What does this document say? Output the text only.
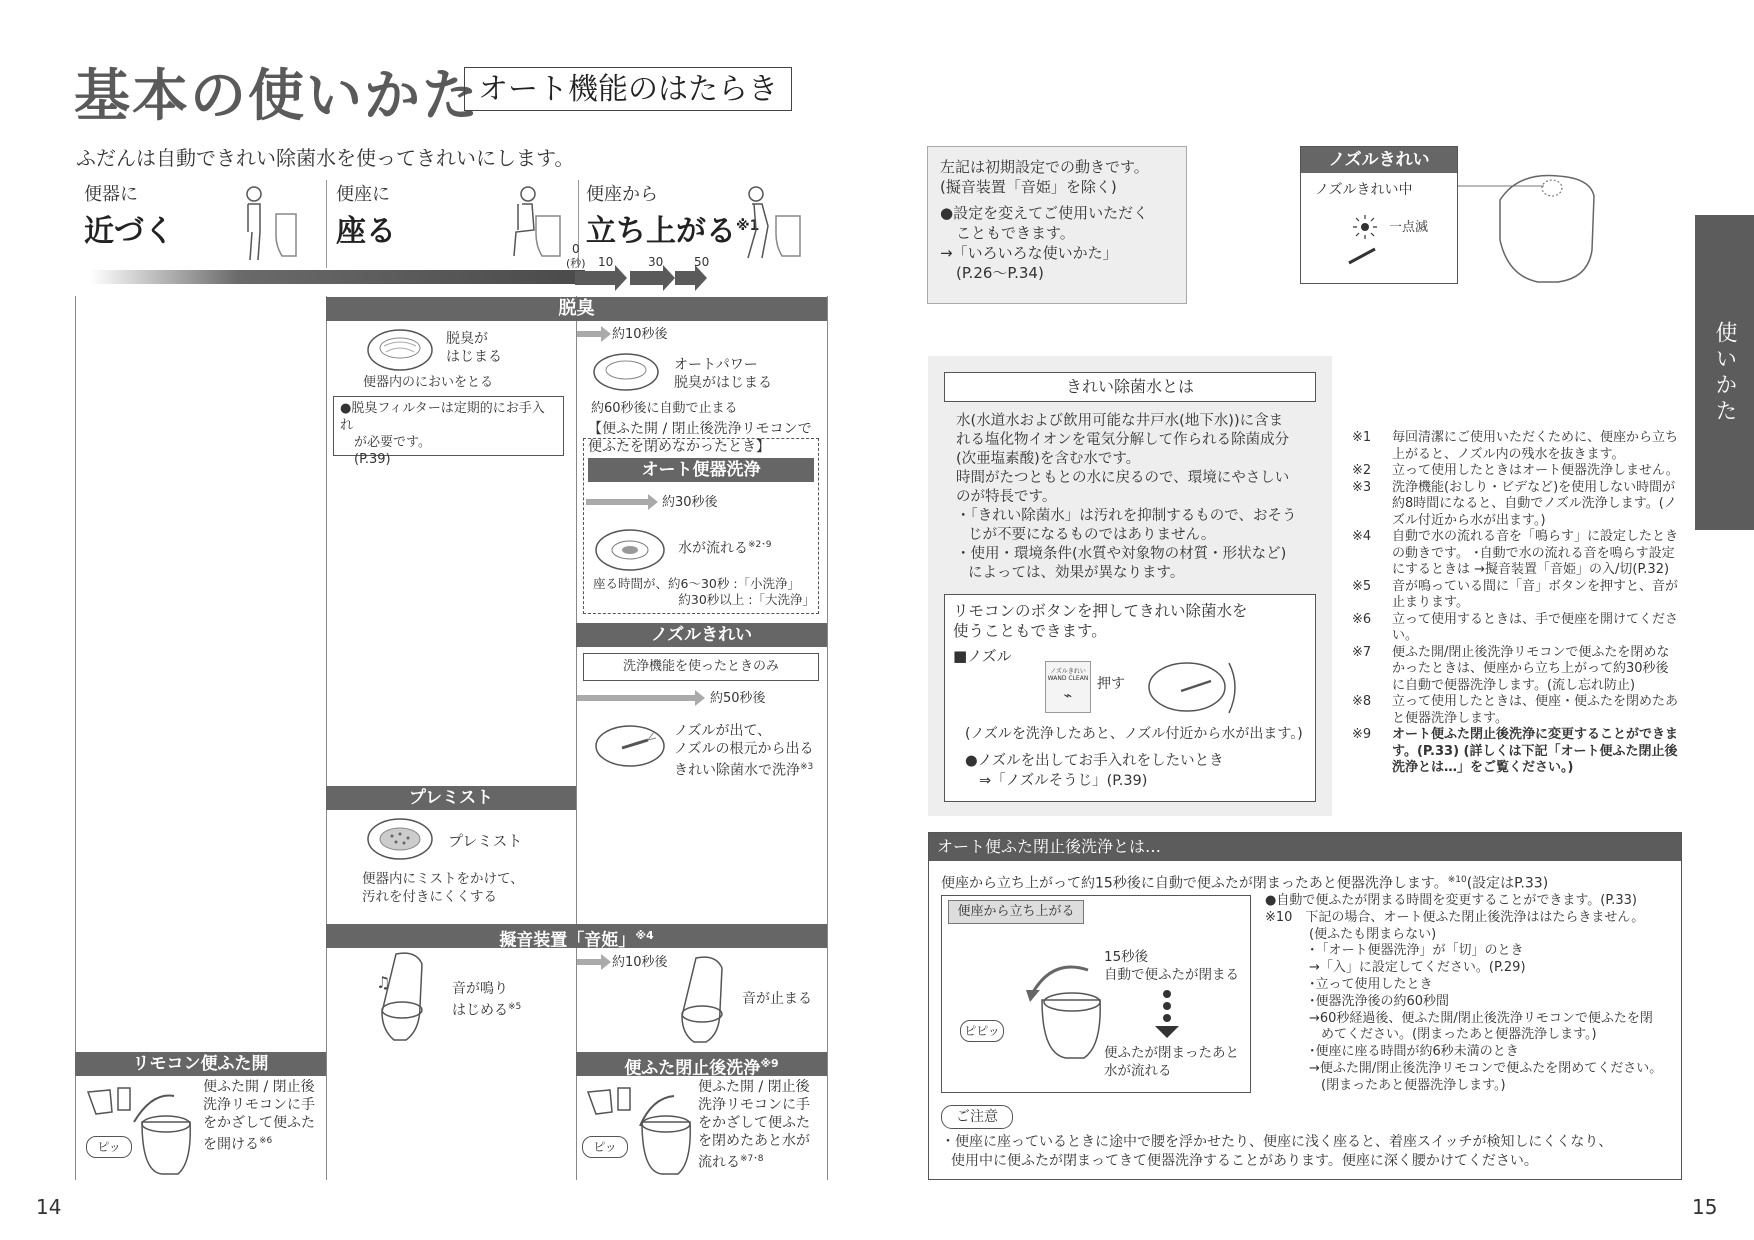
基本の使いかた
オート機能のはたらき
ふだんは自動できれい除菌水を使ってきれいにします。
便器に
近づく
便座に
座る
便座から
立ち上がる$^{※1}$
0
(秒) 10	30	50
脱臭
脱臭が
はじまる
便器内のにおいをとる
●脱臭フィルターは定期的にお手入れ
が必要です。
(P.39)
約10秒後
オートパワー
脱臭がはじまる
約60秒後に自動で止まる
【便ふた開 / 閉止後洗浄リモコンで
便ふたを閉めなかったとき】
オート便器洗浄
約30秒後
水が流れる$^{※2･9}$
座る時間が、約6～30秒 :「小洗浄」
約30秒以上 :「大洗浄」
ノズルきれい
洗浄機能を使ったときのみ
約50秒後
ノズルが出て、
ノズルの根元から出る
きれい除菌水で洗浄$^{※3}$
プレミスト
プレミスト
便器内にミストをかけて、
汚れを付きにくくする
擬音装置「音姫」$^{※4}$
♫	音が鳴り
はじめる$^{※5}$
約10秒後
音が止まる
リモコン便ふた開
ピッ
便ふた開 / 閉止後
洗浄リモコンに手
をかざして便ふた
を開ける$^{※6}$
便ふた閉止後洗浄$^{※9}$
ピッ
便ふた開 / 閉止後
洗浄リモコンに手
をかざして便ふた
を閉めたあと水が
流れる$^{※7･8}$
14
左記は初期設定での動きです。
(擬音装置「音姫」を除く)
●設定を変えてご使用いただく
こともできます。
→「いろいろな使いかた」
(P.26～P.34)
ノズルきれい
ノズルきれい中
一点滅
使いかた
きれい除菌水とは
水(水道水および飲用可能な井戸水(地下水))に含ま
れる塩化物イオンを電気分解して作られる除菌成分
(次亜塩素酸)を含む水です。
時間がたつともとの水に戻るので、環境にやさしい
のが特長です。
・「きれい除菌水」は汚れを抑制するもので、おそう
じが不要になるものではありません。
・使用・環境条件(水質や対象物の材質・形状など)
によっては、効果が異なります。
リモコンのボタンを押してきれい除菌水を
使うこともできます。
■ノズル
ノズルきれい
WAND CLEAN
⌁
押す
(ノズルを洗浄したあと、ノズル付近から水が出ます。)
●ノズルを出してお手入れをしたいとき
⇒「ノズルそうじ」(P.39)
※1 毎回清潔にご使用いただくために、便座から立ち上がると、ノズル内の残水を抜きます。
※2 立って使用したときはオート便器洗浄しません。
※3 洗浄機能(おしり・ビデなど)を使用しない時間が約8時間になると、自動でノズル洗浄します。(ノズル付近から水が出ます。)
※4 自動で水の流れる音を「鳴らす」に設定したときの動きです。 ･自動で水の流れる音を鳴らす設定にするときは →擬音装置「音姫」の入/切(P.32)
※5 音が鳴っている間に「音」ボタンを押すと、音が止まります。
※6 立って使用するときは、手で便座を開けてください。
※7 便ふた開/閉止後洗浄リモコンで便ふたを閉めなかったときは、便座から立ち上がって約30秒後に自動で便器洗浄します。(流し忘れ防止)
※8 立って使用したときは、便座・便ふたを閉めたあと便器洗浄します。
※9 オート便ふた閉止後洗浄に変更することができます。(P.33) (詳しくは下記「オート便ふた閉止後洗浄とは…」をご覧ください。)
オート便ふた閉止後洗浄とは…
便座から立ち上がって約15秒後に自動で便ふたが閉まったあと便器洗浄します。$^{※10}$(設定はP.33)
便座から立ち上がる
ピピッ
15秒後
自動で便ふたが閉まる
便ふたが閉まったあと
水が流れる
●自動で便ふたが閉まる時間を変更することができます。(P.33)
※10　下記の場合、オート便ふた閉止後洗浄ははたらきません。
(便ふたも閉まらない)
･「オート便器洗浄」が「切」のとき
→「入」に設定してください。(P.29)
･立って使用したとき
･便器洗浄後の約60秒間
→60秒経過後、便ふた開/閉止後洗浄リモコンで便ふたを閉
めてください。(閉まったあと便器洗浄します。)
･便座に座る時間が約6秒未満のとき
→便ふた開/閉止後洗浄リモコンで便ふたを閉めてください。
(閉まったあと便器洗浄します。)
ご注意
・便座に座っているときに途中で腰を浮かせたり、便座に浅く座ると、着座スイッチが検知しにくくなり、
使用中に便ふたが閉まってきて便器洗浄することがあります。便座に深く腰かけてください。
15
